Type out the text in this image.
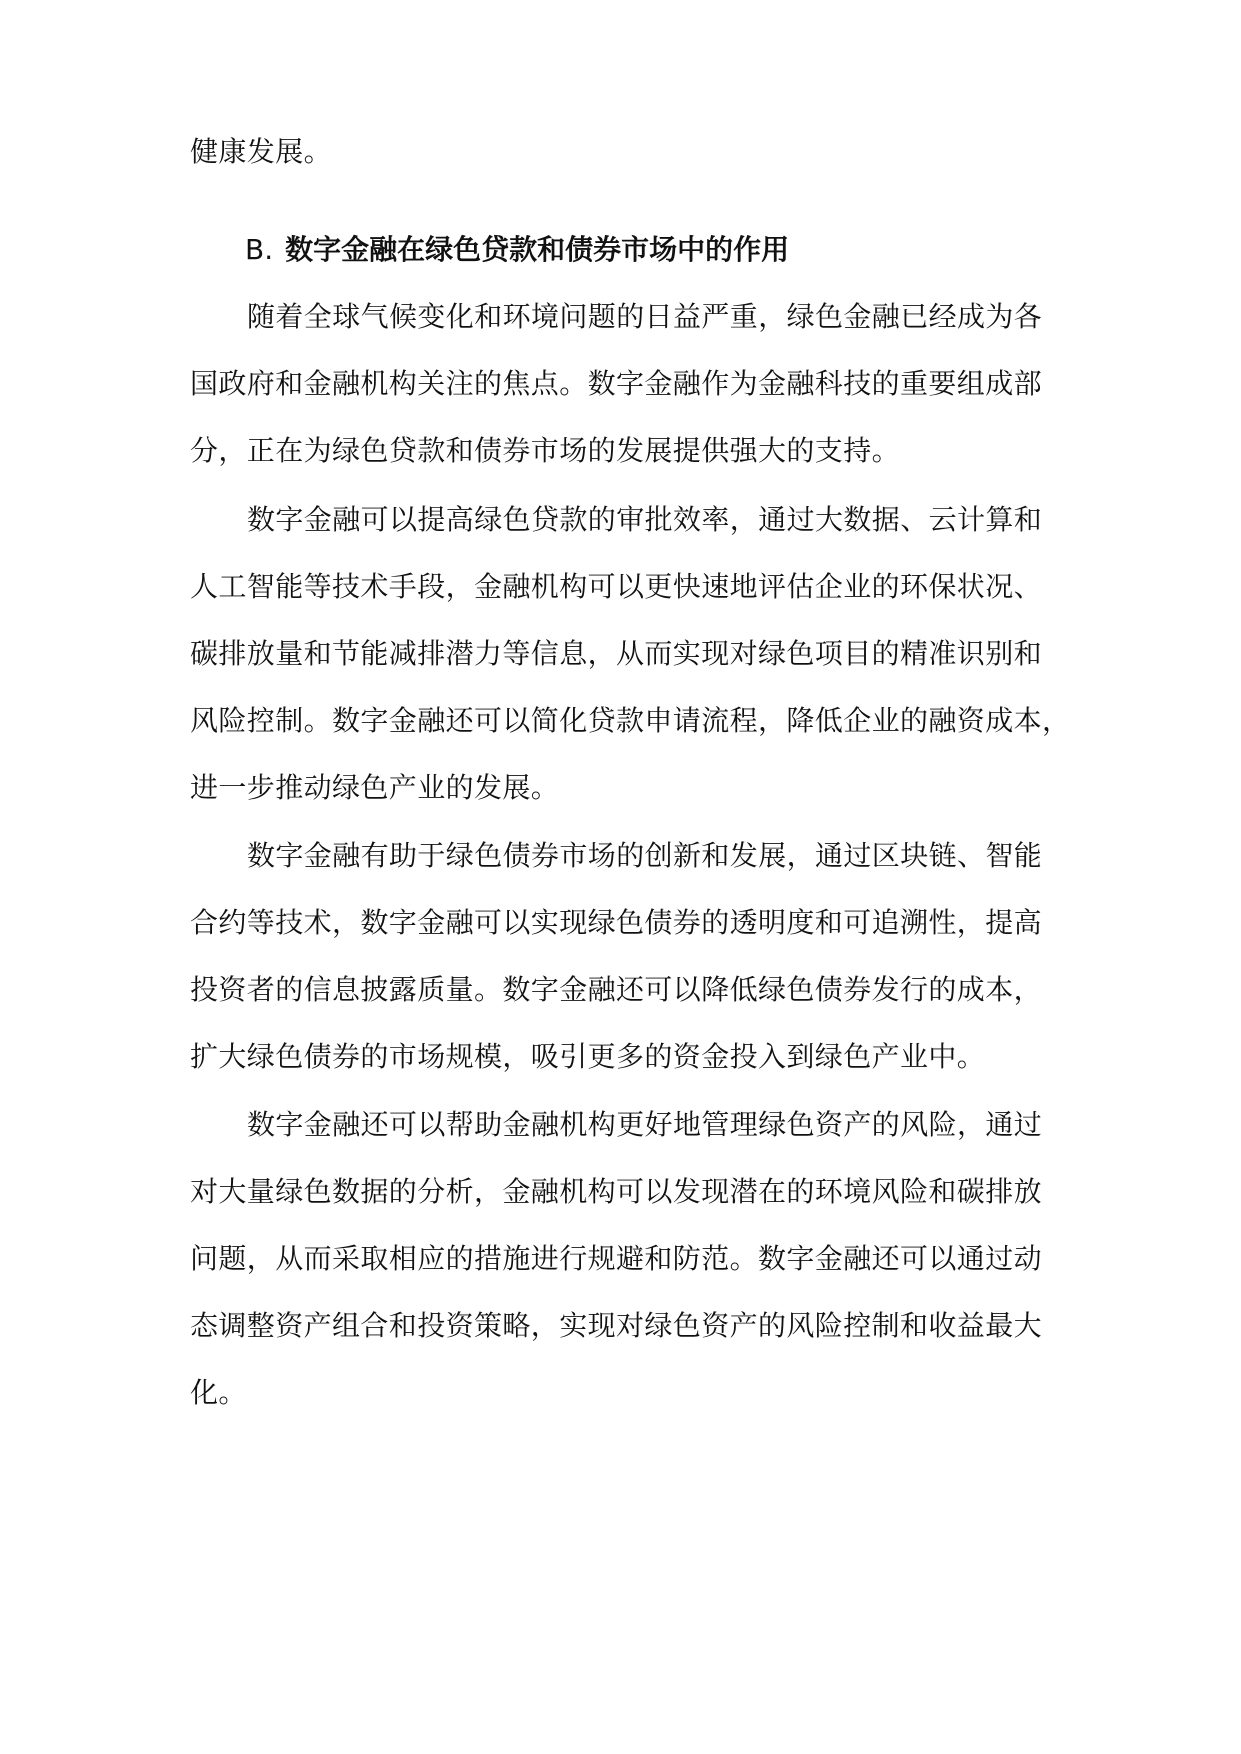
健康发展。

B. 数字金融在绿色贷款和债券市场中的作用

随着全球气候变化和环境问题的日益严重，绿色金融已经成为各

国政府和金融机构关注的焦点。数字金融作为金融科技的重要组成部

分，正在为绿色贷款和债券市场的发展提供强大的支持。

数字金融可以提高绿色贷款的审批效率，通过大数据、云计算和

人工智能等技术手段，金融机构可以更快速地评估企业的环保状况、

碳排放量和节能减排潜力等信息，从而实现对绿色项目的精准识别和

风险控制。数字金融还可以简化贷款申请流程，降低企业的融资成本，

进一步推动绿色产业的发展。

数字金融有助于绿色债券市场的创新和发展，通过区块链、智能

合约等技术，数字金融可以实现绿色债券的透明度和可追溯性，提高

投资者的信息披露质量。数字金融还可以降低绿色债券发行的成本，

扩大绿色债券的市场规模，吸引更多的资金投入到绿色产业中。

数字金融还可以帮助金融机构更好地管理绿色资产的风险，通过

对大量绿色数据的分析，金融机构可以发现潜在的环境风险和碳排放

问题，从而采取相应的措施进行规避和防范。数字金融还可以通过动

态调整资产组合和投资策略，实现对绿色资产的风险控制和收益最大

化。
